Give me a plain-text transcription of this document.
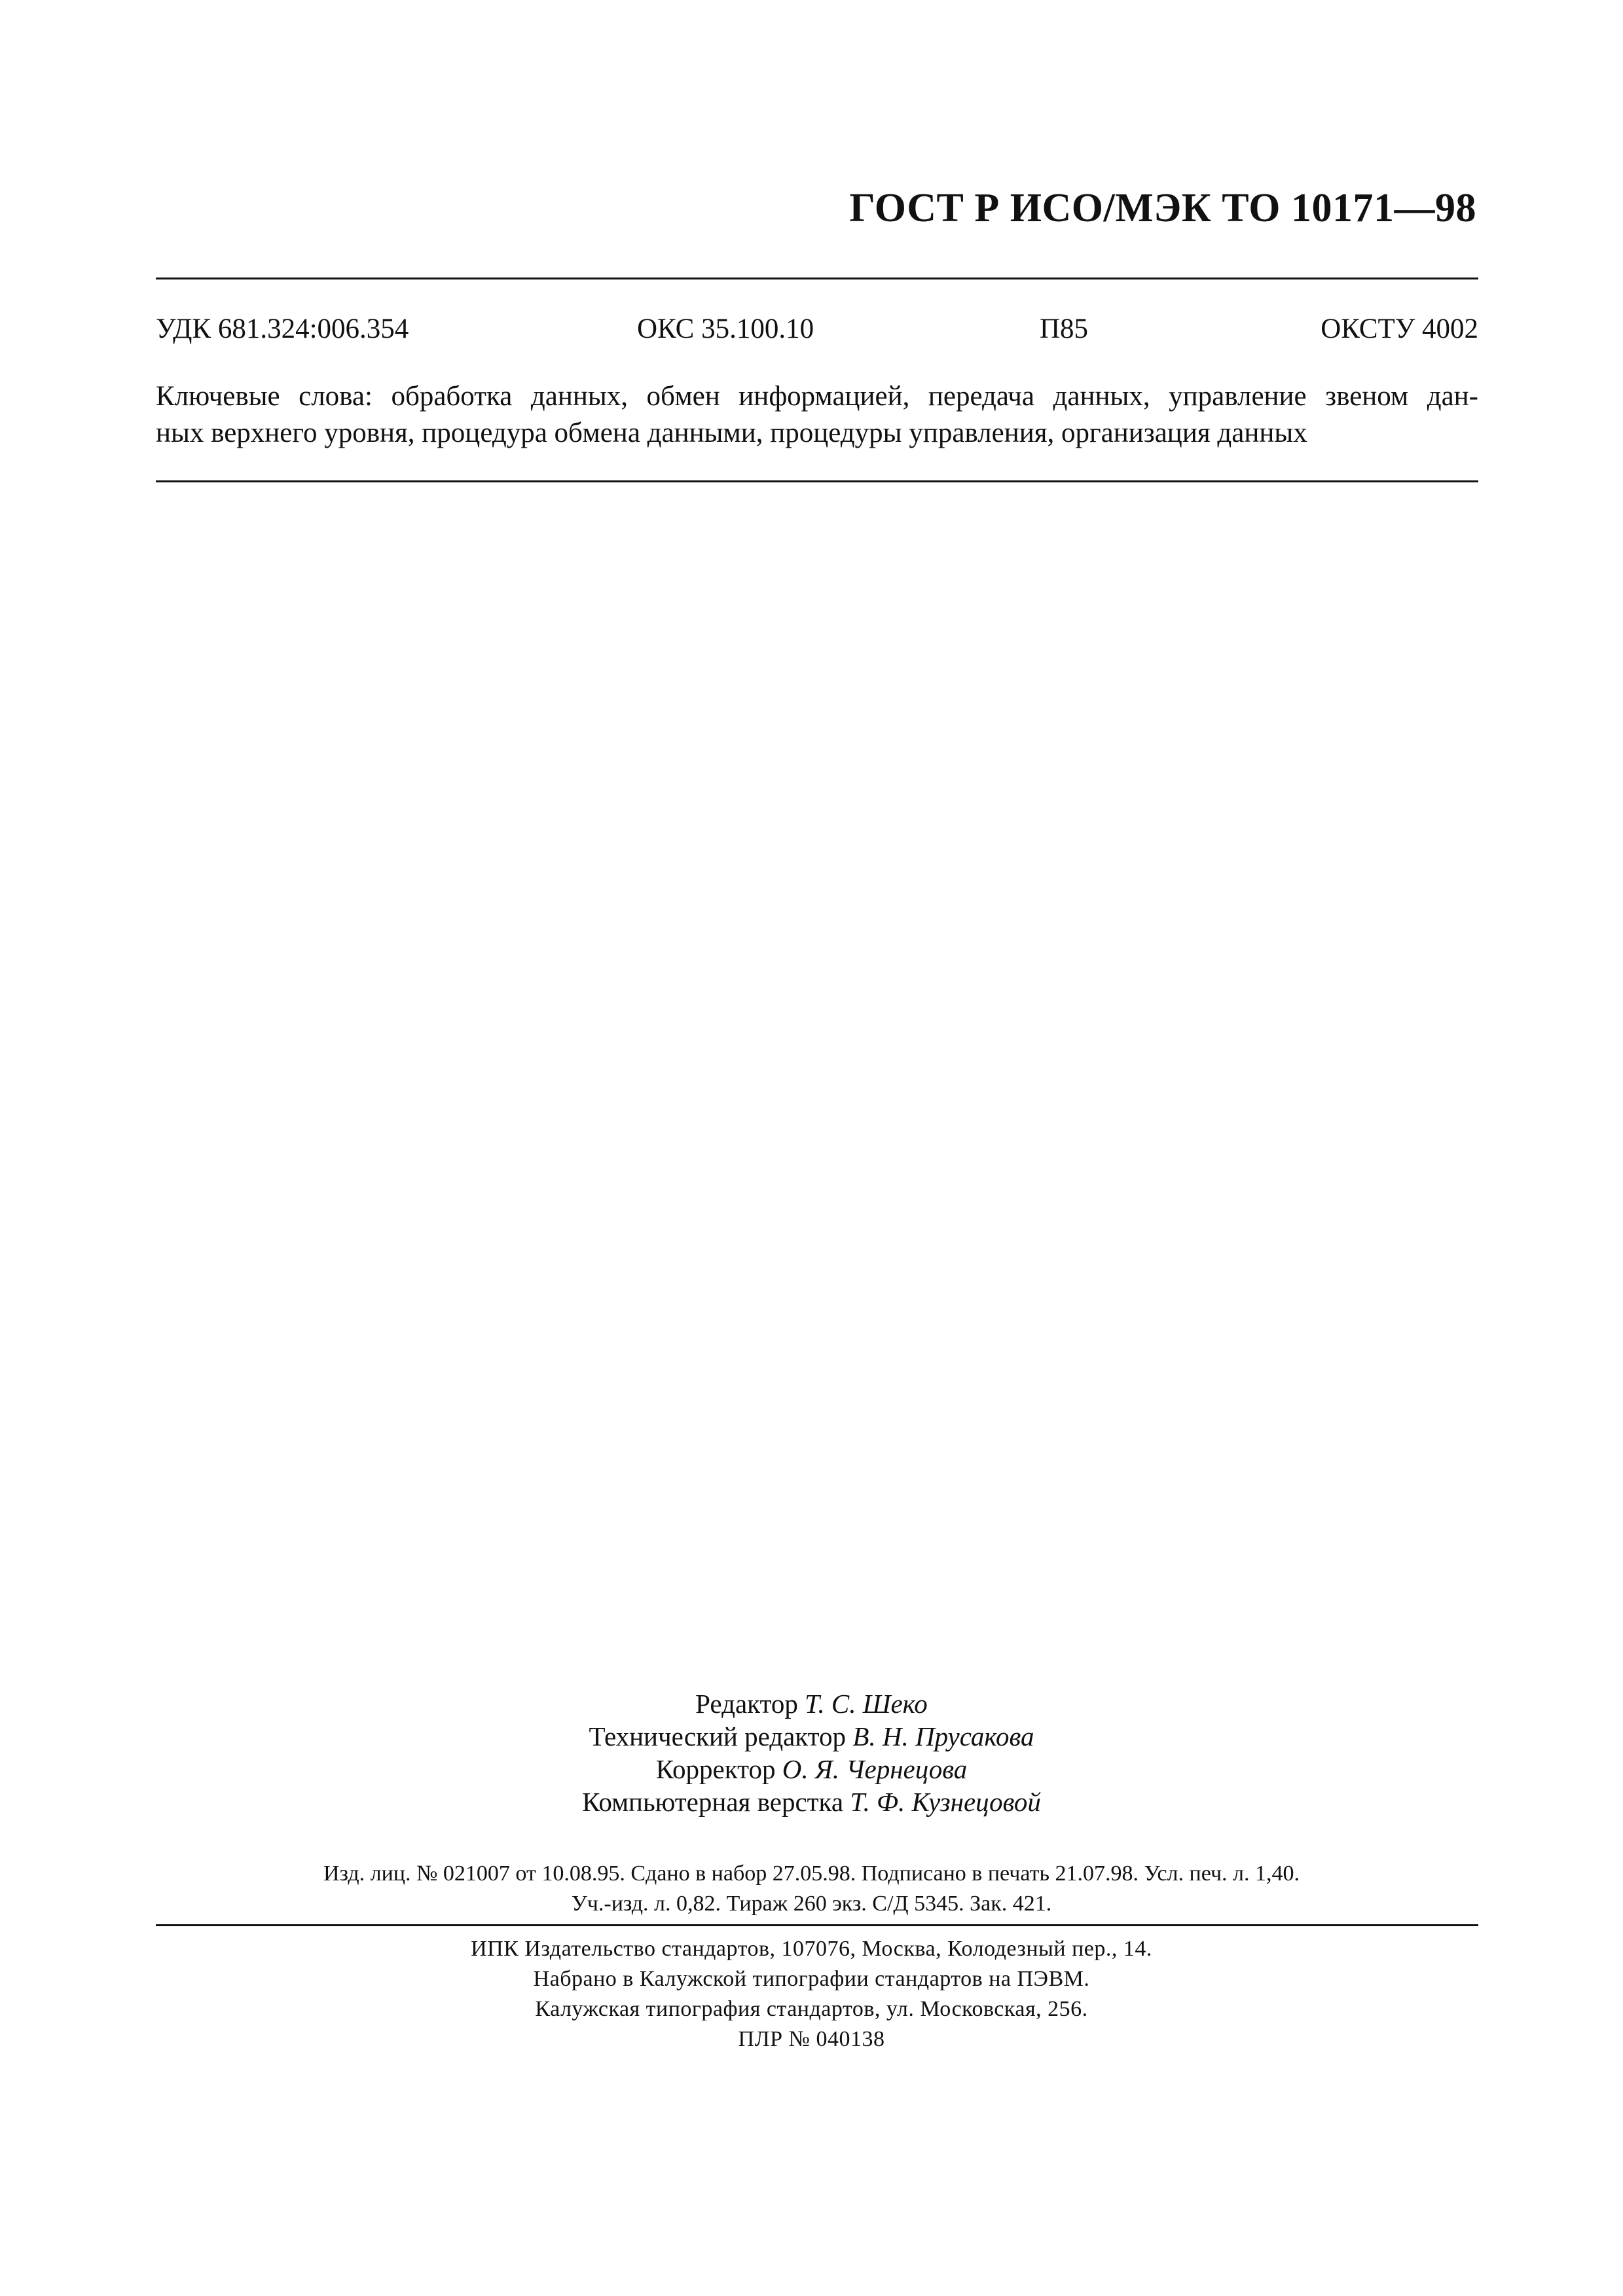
ГОСТ Р ИСО/МЭК ТО 10171—98
УДК 681.324:006.354	ОКС 35.100.10	П85	ОКСТУ 4002
Ключевые слова: обработка данных, обмен информацией, передача данных, управление звеном дан-
ных верхнего уровня, процедура обмена данными, процедуры управления, организация данных
Редактор Т. С. Шеко
Технический редактор В. Н. Прусакова
Корректор О. Я. Чернецова
Компьютерная верстка Т. Ф. Кузнецовой
Изд. лиц. № 021007 от 10.08.95. Сдано в набор 27.05.98. Подписано в печать 21.07.98. Усл. печ. л. 1,40.
Уч.-изд. л. 0,82. Тираж 260 экз. С/Д 5345. Зак. 421.
ИПК Издательство стандартов, 107076, Москва, Колодезный пер., 14.
Набрано в Калужской типографии стандартов на ПЭВМ.
Калужская типография стандартов, ул. Московская, 256.
ПЛР № 040138
